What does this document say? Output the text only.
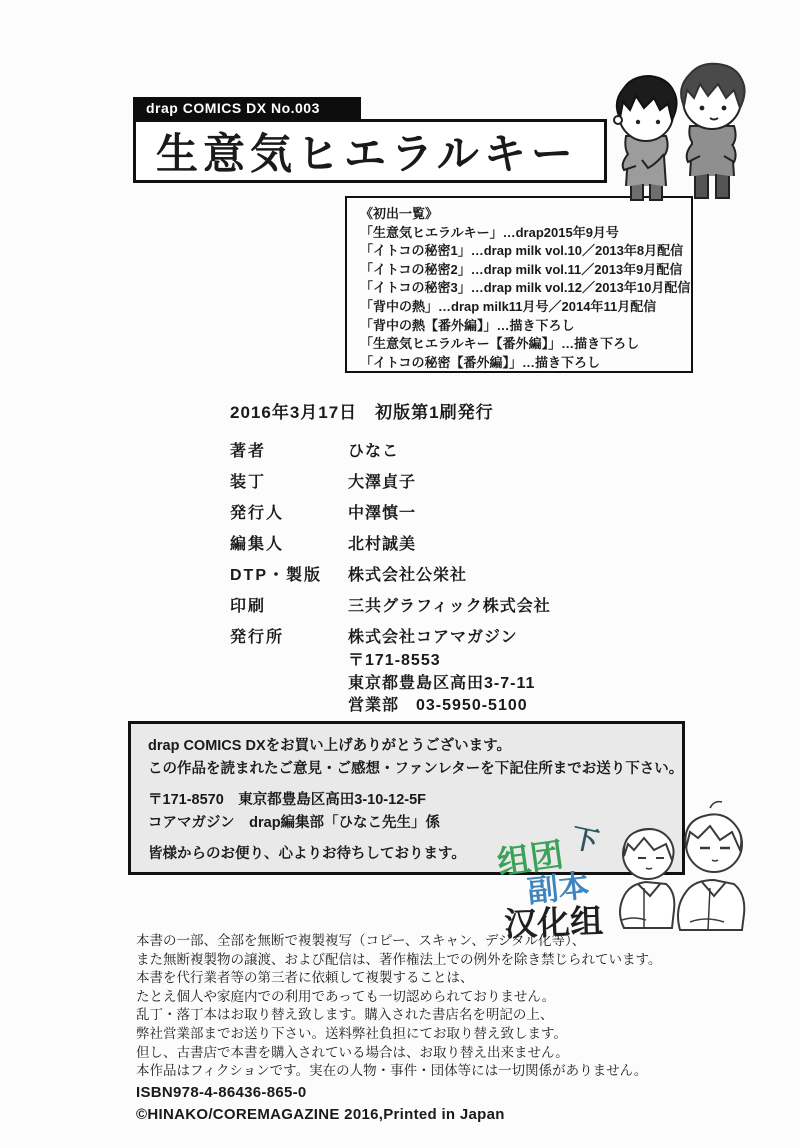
drap COMICS DX No.003
生意気ヒエラルキー
《初出一覧》
「生意気ヒエラルキー」…drap2015年9月号
「イトコの秘密1」…drap milk vol.10／2013年8月配信
「イトコの秘密2」…drap milk vol.11／2013年9月配信
「イトコの秘密3」…drap milk vol.12／2013年10月配信
「背中の熱」…drap milk11月号／2014年11月配信
「背中の熱【番外編】」…描き下ろし
「生意気ヒエラルキー【番外編】」…描き下ろし
「イトコの秘密【番外編】」…描き下ろし
2016年3月17日　初版第1刷発行
著者	ひなこ
装丁	大澤貞子
発行人	中澤慎一
編集人	北村誠美
DTP・製版	株式会社公栄社
印刷	三共グラフィック株式会社
発行所	株式会社コアマガジン
〒171-8553
東京都豊島区高田3-7-11
営業部　03-5950-5100
drap COMICS DXをお買い上げありがとうございます。
この作品を読まれたご意見・ご感想・ファンレターを下記住所までお送り下さい。
〒171-8570　東京都豊島区高田3-10-12-5F
コアマガジン　drap編集部「ひなこ先生」係
皆様からのお便り、心よりお待ちしております。 组团 下
副本
汉化组
本書の一部、全部を無断で複製複写（コピー、スキャン、デジタル化等）、
また無断複製物の譲渡、および配信は、著作権法上での例外を除き禁じられています。
本書を代行業者等の第三者に依頼して複製することは、
たとえ個人や家庭内での利用であっても一切認められておりません。
乱丁・落丁本はお取り替え致します。購入された書店名を明記の上、
弊社営業部までお送り下さい。送料弊社負担にてお取り替え致します。
但し、古書店で本書を購入されている場合は、お取り替え出来ません。
本作品はフィクションです。実在の人物・事件・団体等には一切関係がありません。
ISBN978-4-86436-865-0
©HINAKO/COREMAGAZINE 2016,Printed in Japan
